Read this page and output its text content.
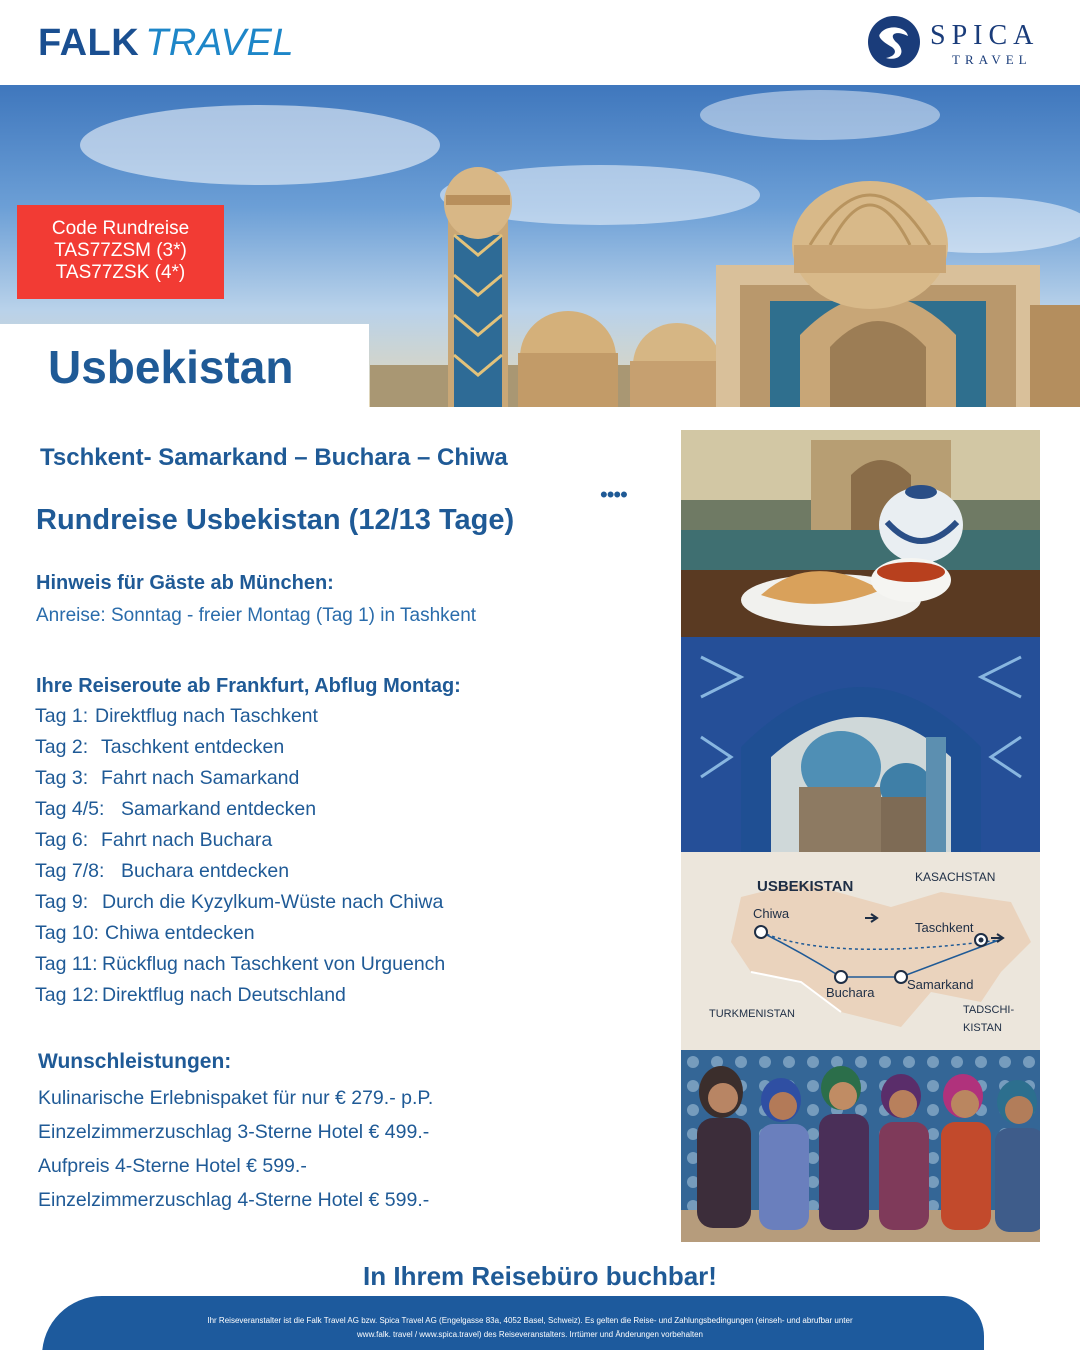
FALK TRAVEL	SPICA
TRAVEL
Code Rundreise
TAS77ZSM (3*)
TAS77ZSK (4*)
Usbekistan
Tschkent- Samarkand – Buchara – Chiwa
Rundreise Usbekistan (12/13 Tage)
••••
Hinweis für Gäste ab München:
Anreise: Sonntag - freier Montag (Tag 1) in Tashkent
Ihre Reiseroute ab Frankfurt, Abflug Montag:
Tag 1: Direktflug nach Taschkent
Tag 2: Taschkent entdecken
Tag 3: Fahrt nach Samarkand
Tag 4/5: Samarkand entdecken
Tag 6: Fahrt nach Buchara
Tag 7/8: Buchara entdecken
Tag 9: Durch die Kyzylkum-Wüste nach Chiwa
Tag 10: Chiwa entdecken
Tag 11: Rückflug nach Taschkent von Urguench
Tag 12: Direktflug nach Deutschland
Wunschleistungen:
Kulinarische Erlebnispaket für nur € 279.- p.P.
Einzelzimmerzuschlag 3-Sterne Hotel € 499.-
Aufpreis 4-Sterne Hotel € 599.-
Einzelzimmerzuschlag 4-Sterne Hotel € 599.-
USBEKISTAN
KASACHSTAN
Chiwa
Taschkent
Samarkand
Buchara
TURKMENISTAN	TADSCHI-
KISTAN
In Ihrem Reisebüro buchbar!
Ihr Reiseveranstalter ist die Falk Travel AG bzw. Spica Travel AG (Engelgasse 83a, 4052 Basel, Schweiz). Es gelten die Reise- und Zahlungsbedingungen (einseh- und abrufbar unter
www.falk. travel / www.spica.travel) des Reiseveranstalters. Irrtümer und Änderungen vorbehalten
